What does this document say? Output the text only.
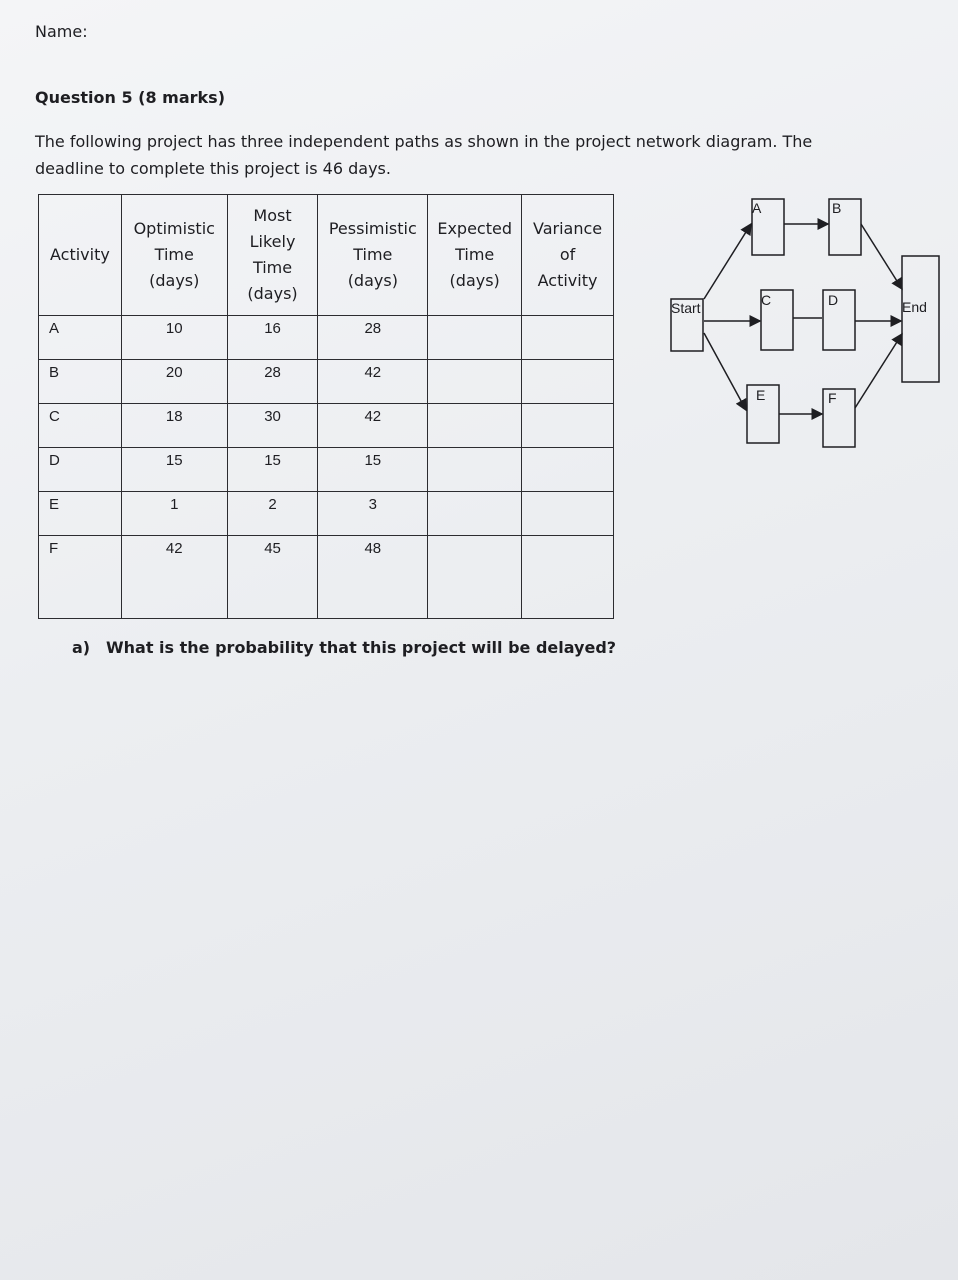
Name:
Question 5 (8 marks)
The following project has three independent paths as shown in the project network diagram. The deadline to complete this project is 46 days.
Activity	Optimistic
Time
(days)	Most
Likely
Time
(days)	Pessimistic
Time
(days)	Expected
Time
(days)	Variance
of
Activity
A	10	16	28		
B	20	28	42		
C	18	30	42		
D	15	15	15		
E	1	2	3		
F	42	45	48		
Start
A	B
C	D	End
E	F
a) What is the probability that this project will be delayed?
